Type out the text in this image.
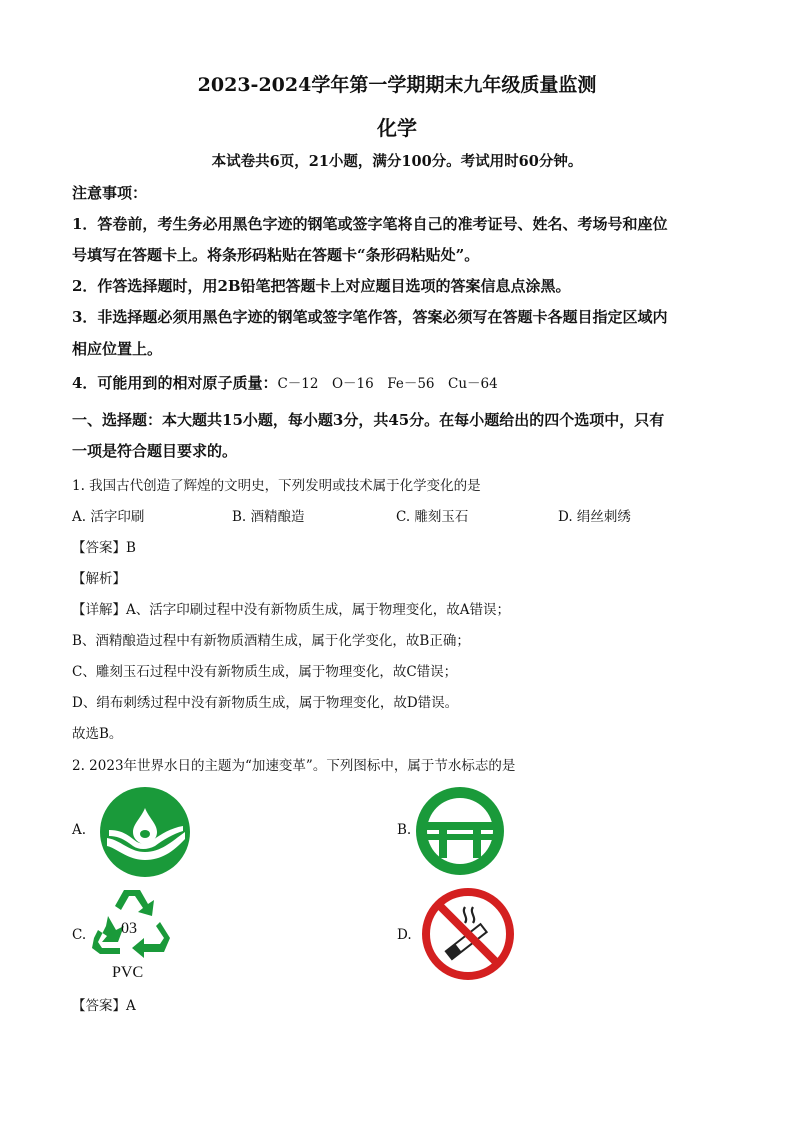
2023-2024学年第一学期期末九年级质量监测
化学
本试卷共6页，21小题，满分100分。考试用时60分钟。
注意事项：
1．答卷前，考生务必用黑色字迹的钢笔或签字笔将自己的准考证号、姓名、考场号和座位
号填写在答题卡上。将条形码粘贴在答题卡“条形码粘贴处”。
2．作答选择题时，用2B铅笔把答题卡上对应题目选项的答案信息点涂黑。
3．非选择题必须用黑色字迹的钢笔或签字笔作答，答案必须写在答题卡各题目指定区域内
相应位置上。
4．可能用到的相对原子质量：C－12　O－16　Fe－56　Cu－64
一、选择题：本大题共15小题，每小题3分，共45分。在每小题给出的四个选项中，只有
一项是符合题目要求的。
1. 我国古代创造了辉煌的文明史，下列发明或技术属于化学变化的是
A. 活字印刷	B. 酒精酿造	C. 雕刻玉石	D. 绢丝刺绣
【答案】B
【解析】
【详解】A、活字印刷过程中没有新物质生成，属于物理变化，故A错误；
B、酒精酿造过程中有新物质酒精生成，属于化学变化，故B正确；
C、雕刻玉石过程中没有新物质生成，属于物理变化，故C错误；
D、绢布刺绣过程中没有新物质生成，属于物理变化，故D错误。
故选B。
2. 2023年世界水日的主题为“加速变革”。下列图标中，属于节水标志的是
A.	B.
C. 03
PVC
D.
【答案】A
